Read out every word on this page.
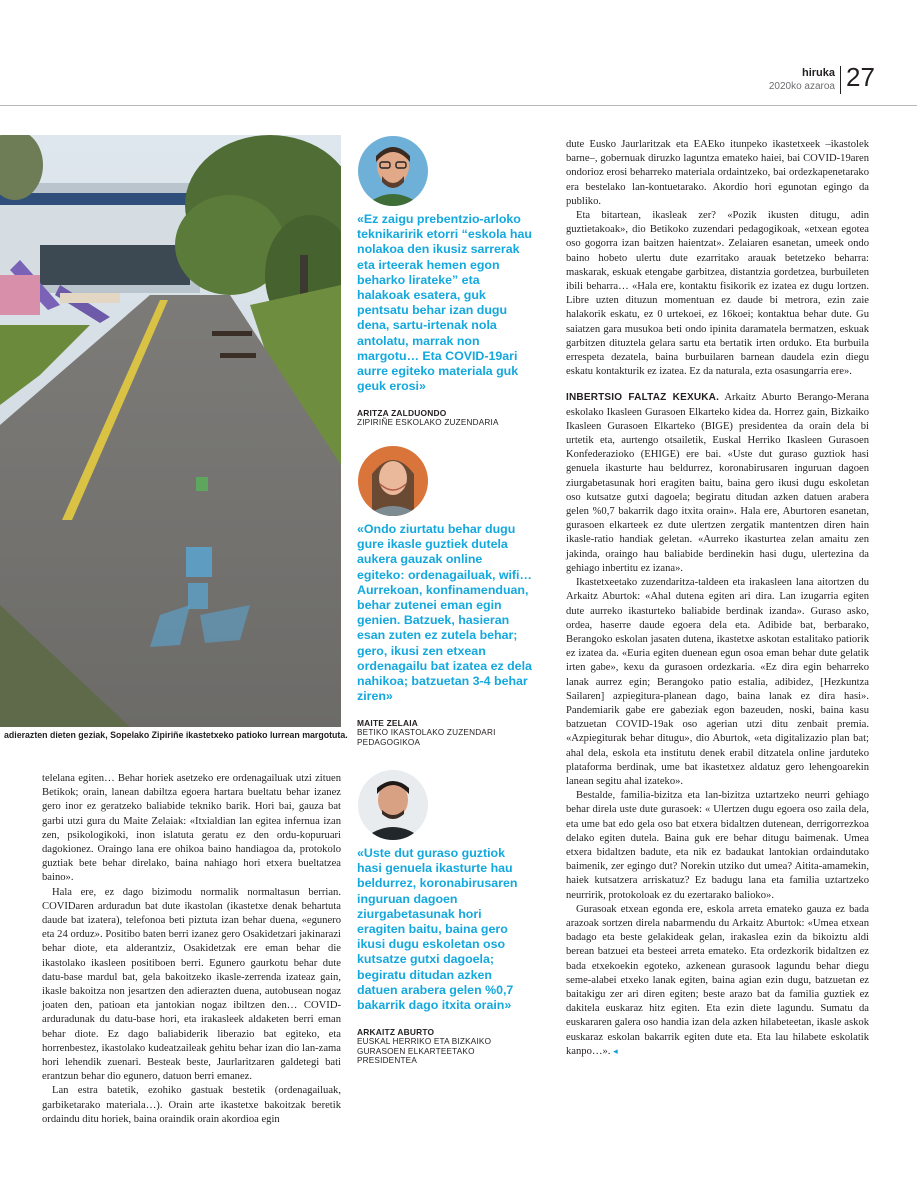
hiruka
2020ko azaroa 27
adierazten dieten geziak, Sopelako Zipiriñe ikastetxeko patioko lurrean margotuta.

telelana egiten… Behar horiek asetzeko ere ordenagailuak utzi zituen Betikok; orain, lanean dabiltza egoera hartara bueltatu behar izanez gero inor ez geratzeko baliabide tekniko barik. Hori bai, gauza bat garbi utzi gura du Maite Zelaiak: «Itxialdian lan egitea infernua izan zen, psikologikoki, inon islatuta geratu ez den ordu-kopuruari dagokionez. Oraingo lana ere ohikoa baino handiagoa da, protokolo guztiak bete behar direlako, baina nahiago hori etxera bueltatzea baino».

Hala ere, ez dago bizimodu normalik normaltasun berrian. COVIDaren arduradun bat dute ikastolan (ikastetxe denak behartuta daude bat izatera), telefonoa beti piztuta izan behar duena, «egunero eta 24 orduz». Positibo baten berri izanez gero Osakidetzari jakinarazi behar diote, eta alderantziz, Osakidetzak ere eman behar die ikastolako ikasleen positiboen berri. Egunero gaurkotu behar dute datu-base mardul bat, gela bakoitzeko ikasle-zerrenda izateaz gain, ikasle bakoitza non jesartzen den adierazten duena, autobusean nogaz joaten den, patioan eta jantokian nogaz ibiltzen den… COVID-arduradunak du datu-base hori, eta irakasleek aldaketen berri eman behar diote. Ez dago baliabiderik liberazio bat egiteko, eta horrenbestez, ikastolako kudeatzaileak gehitu behar izan dio lan-zama hori lehendik zuenari. Besteak beste, Jaurlaritzaren galdetegi bati erantzun behar dio egunero, datuon berri emanez.

Lan estra batetik, ezohiko gastuak bestetik (ordenagailuak, garbiketarako materiala…). Orain arte ikastetxe bakoitzak beretik ordaindu ditu horiek, baina oraindik orain akordioa egin

«Ez zaigu prebentzio-arloko teknikaririk etorri “eskola hau nolakoa den ikusiz sarrerak eta irteerak hemen egon beharko lirateke” eta halakoak esatera, guk pentsatu behar izan dugu dena, sartu-irtenak nola antolatu, marrak non margotu… Eta COVID-19ari aurre egiteko materiala guk geuk erosi»
ARITZA ZALDUONDO
ZIPIRIÑE ESKOLAKO ZUZENDARIA
«Ondo ziurtatu behar dugu gure ikasle guztiek dutela aukera gauzak online egiteko: ordenagailuak, wifi… Aurrekoan, konfinamenduan, behar zutenei eman egin genien. Batzuek, hasieran esan zuten ez zutela behar; gero, ikusi zen etxean ordenagailu bat izatea ez dela nahikoa; batzuetan 3-4 behar ziren»
MAITE ZELAIA
BETIKO IKASTOLAKO ZUZENDARI PEDAGOGIKOA
«Uste dut guraso guztiok hasi genuela ikasturte hau beldurrez, koronabirusaren inguruan dagoen ziurgabetasunak hori eragiten baitu, baina gero ikusi dugu eskoletan oso kutsatze gutxi dagoela; begiratu ditudan azken datuen arabera gelen %0,7 bakarrik dago itxita orain»
ARKAITZ ABURTO
EUSKAL HERRIKO ETA BIZKAIKO GURASOEN ELKARTEETAKO PRESIDENTEA

dute Eusko Jaurlaritzak eta EAEko itunpeko ikastetxeek –ikastolek barne–, gobernuak diruzko laguntza emateko haiei, bai COVID-19aren ondorioz erosi beharreko materiala ordaintzeko, bai ordezkapenetarako era bestelako lan-kontuetarako. Akordio hori egunotan egingo da publiko.

Eta bitartean, ikasleak zer? «Pozik ikusten ditugu, adin guztietakoak», dio Betikoko zuzendari pedagogikoak, «etxean egotea oso gogorra izan baitzen haientzat». Zelaiaren esanetan, umeek ondo baino hobeto ulertu dute ezarritako arauak betetzeko beharra: maskarak, eskuak etengabe garbitzea, distantzia gordetzea, burbuileten ibili beharra… «Hala ere, kontaktu fisikorik ez izatea ez dugu lortzen. Libre uzten dituzun momentuan ez daude bi metrora, ezin zaie halakorik eskatu, ez 0 urtekoei, ez 16koei; kontaktua behar dute. Gu saiatzen gara musukoa beti ondo ipinita daramatela bermatzen, eskuak garbitzen dituztela gelara sartu eta bertatik irten orduko. Eta burbuila errespeta dezatela, baina burbuilaren barnean daudela ezin diegu eskatu kontakturik ez izatea. Ez da naturala, ezta osasungarria ere».

INBERTSIO FALTAZ KEXUKA. Arkaitz Aburto Berango-Merana eskolako Ikasleen Gurasoen Elkarteko kidea da. Horrez gain, Bizkaiko Ikasleen Gurasoen Elkarteko (BIGE) presidentea da orain dela bi urtetik eta, aurtengo otsailetik, Euskal Herriko Ikasleen Gurasoen Konfederazioko (EHIGE) ere bai. «Uste dut guraso guztiok hasi genuela ikasturte hau beldurrez, koronabirusaren inguruan dagoen ziurgabetasunak hori eragiten baitu, baina gero ikusi dugu eskoletan oso kutsatze gutxi dagoela; begiratu ditudan azken datuen arabera gelen %0,7 bakarrik dago itxita orain». Hala ere, Aburtoren esanetan, gurasoen elkarteek ez dute ulertzen zergatik mantentzen diren hain ikasle-ratio handiak geletan. «Aurreko ikasturtea zelan amaitu zen jakinda, oraingo hau baliabide berdinekin hasi dugu, ulertezina da gehiago inbertitu ez izana».

Ikastetxeetako zuzendaritza-taldeen eta irakasleen lana aitortzen du Arkaitz Aburtok: «Ahal dutena egiten ari dira. Lan izugarria egiten dute aurreko ikasturteko baliabide berdinak izanda». Guraso asko, ordea, haserre daude egoera dela eta. Adibide bat, berbarako, Berangoko eskolan jasaten dutena, ikastetxe askotan estalitako patiorik ez izatea da. «Euria egiten duenean egun osoa eman behar dute gelatik irten gabe», kexu da gurasoen ordezkaria. «Ez dira egin beharreko lanak aurrez egin; Berangoko patio estalia, adibidez, [Hezkuntza Sailaren] azpiegitura-planean dago, baina lanak ez dira hasi». Pandemiarik gabe ere gabeziak egon bazeuden, noski, baina kasu batzuetan COVID-19ak oso agerian utzi ditu zenbait premia. «Azpiegiturak behar ditugu», dio Aburtok, «eta digitalizazio plan bat; ahal dela, eskola eta institutu denek erabil ditzatela online jarduteko plataforma berdinak, ume bat ikastetxez aldatuz gero lehengoarekin lanean segitu ahal izateko».

Bestalde, familia-bizitza eta lan-bizitza uztartzeko neurri gehiago behar direla uste dute gurasoek: « Ulertzen dugu egoera oso zaila dela, eta ume bat edo gela oso bat etxera bidaltzen dutenean, derrigorrezkoa delako egiten dutela. Baina guk ere behar ditugu baimenak. Umea etxera bidaltzen badute, eta nik ez badaukat lantokian ordaindutako baimenik, zer egingo dut? Norekin utziko dut umea? Aitita-amamekin, haiek kutsatzera arriskatuz? Ez badugu lana eta familia uztartzeko neurririk, protokoloak ez du ezertarako balioko».

Gurasoak etxean egonda ere, eskola arreta emateko gauza ez bada arazoak sortzen direla nabarmendu du Arkaitz Aburtok: «Umea etxean badago eta beste gelakideak gelan, irakaslea ezin da bikoiztu aldi berean batzuei eta besteei arreta emateko. Eta ordezkorik bidaltzen ez bada etxekoekin egoteko, azkenean gurasook lagundu behar diegu seme-alabei etxeko lanak egiten, baina agian ezin dugu, batzuetan ez baitakigu zer ari diren egiten; beste arazo bat da familia guztiek ez dakitela euskaraz hitz egiten. Eta ezin diete lagundu. Sumatu da euskararen galera oso handia izan dela azken hilabeteetan, ikasle askok euskaraz eskolan bakarrik egiten dute eta. Eta lau hilabete eskolatik kanpo…». ◂
